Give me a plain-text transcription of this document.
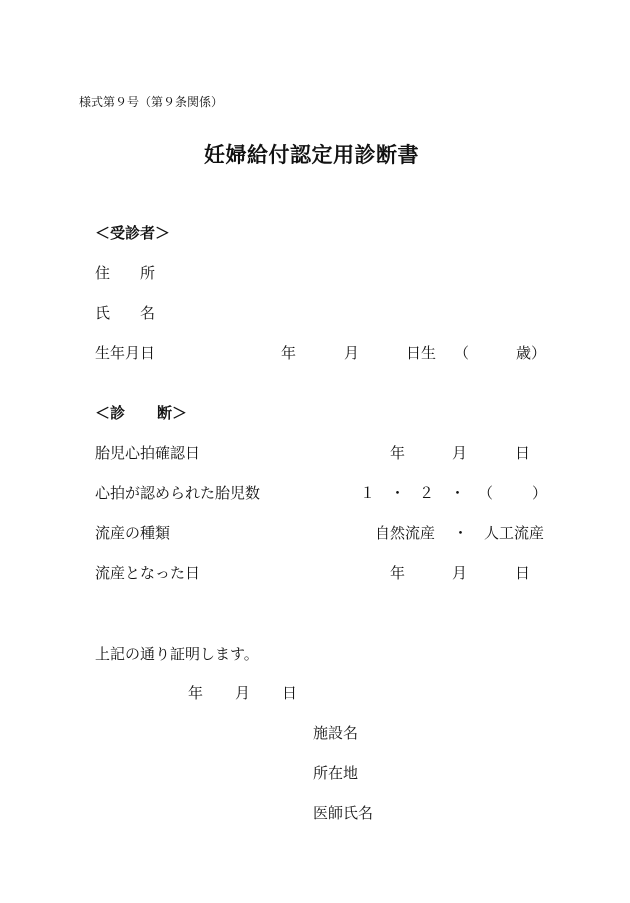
様式第９号（第９条関係）
妊婦給付認定用診断書
＜受診者＞
住　　所
氏　　名
生年月日	年	月	日生 （	歳）
＜診 断＞
胎児心拍確認日	年	月	日
心拍が認められた胎児数	１ ・ ２ ・ （	）
流産の種類	自然流産 ・ 人工流産
流産となった日	年	月	日
上記の通り証明します。
年 月 日
施設名
所在地
医師氏名
